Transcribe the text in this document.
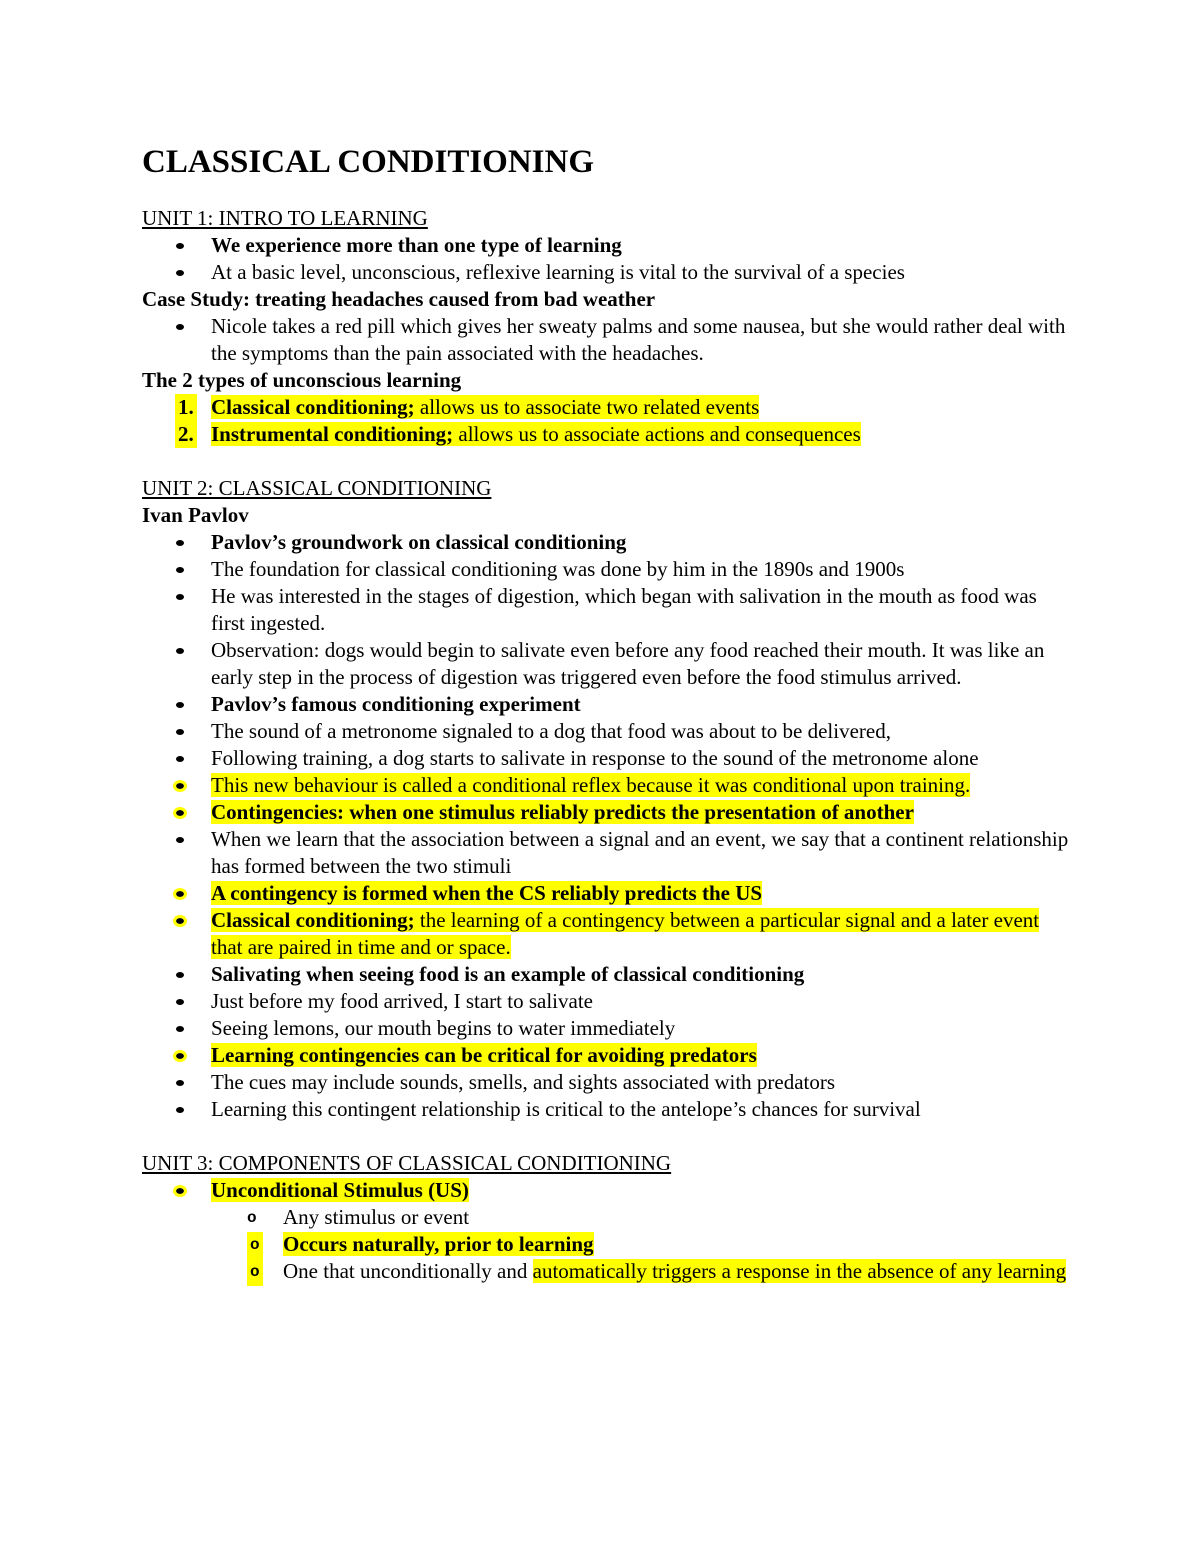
CLASSICAL CONDITIONING
UNIT 1: INTRO TO LEARNING
We experience more than one type of learning
At a basic level, unconscious, reflexive learning is vital to the survival of a species
Case Study: treating headaches caused from bad weather
Nicole takes a red pill which gives her sweaty palms and some nausea, but she would rather deal with the symptoms than the pain associated with the headaches.
The 2 types of unconscious learning
1. Classical conditioning; allows us to associate two related events
2. Instrumental conditioning; allows us to associate actions and consequences
UNIT 2: CLASSICAL CONDITIONING
Ivan Pavlov
Pavlov’s groundwork on classical conditioning
The foundation for classical conditioning was done by him in the 1890s and 1900s
He was interested in the stages of digestion, which began with salivation in the mouth as food was first ingested.
Observation: dogs would begin to salivate even before any food reached their mouth. It was like an early step in the process of digestion was triggered even before the food stimulus arrived.
Pavlov’s famous conditioning experiment
The sound of a metronome signaled to a dog that food was about to be delivered,
Following training, a dog starts to salivate in response to the sound of the metronome alone
This new behaviour is called a conditional reflex because it was conditional upon training.
Contingencies: when one stimulus reliably predicts the presentation of another
When we learn that the association between a signal and an event, we say that a continent relationship has formed between the two stimuli
A contingency is formed when the CS reliably predicts the US
Classical conditioning; the learning of a contingency between a particular signal and a later event that are paired in time and or space.
Salivating when seeing food is an example of classical conditioning
Just before my food arrived, I start to salivate
Seeing lemons, our mouth begins to water immediately
Learning contingencies can be critical for avoiding predators
The cues may include sounds, smells, and sights associated with predators
Learning this contingent relationship is critical to the antelope’s chances for survival
UNIT 3: COMPONENTS OF CLASSICAL CONDITIONING
Unconditional Stimulus (US)
o Any stimulus or event
o Occurs naturally, prior to learning
o One that unconditionally and automatically triggers a response in the absence of any learning
